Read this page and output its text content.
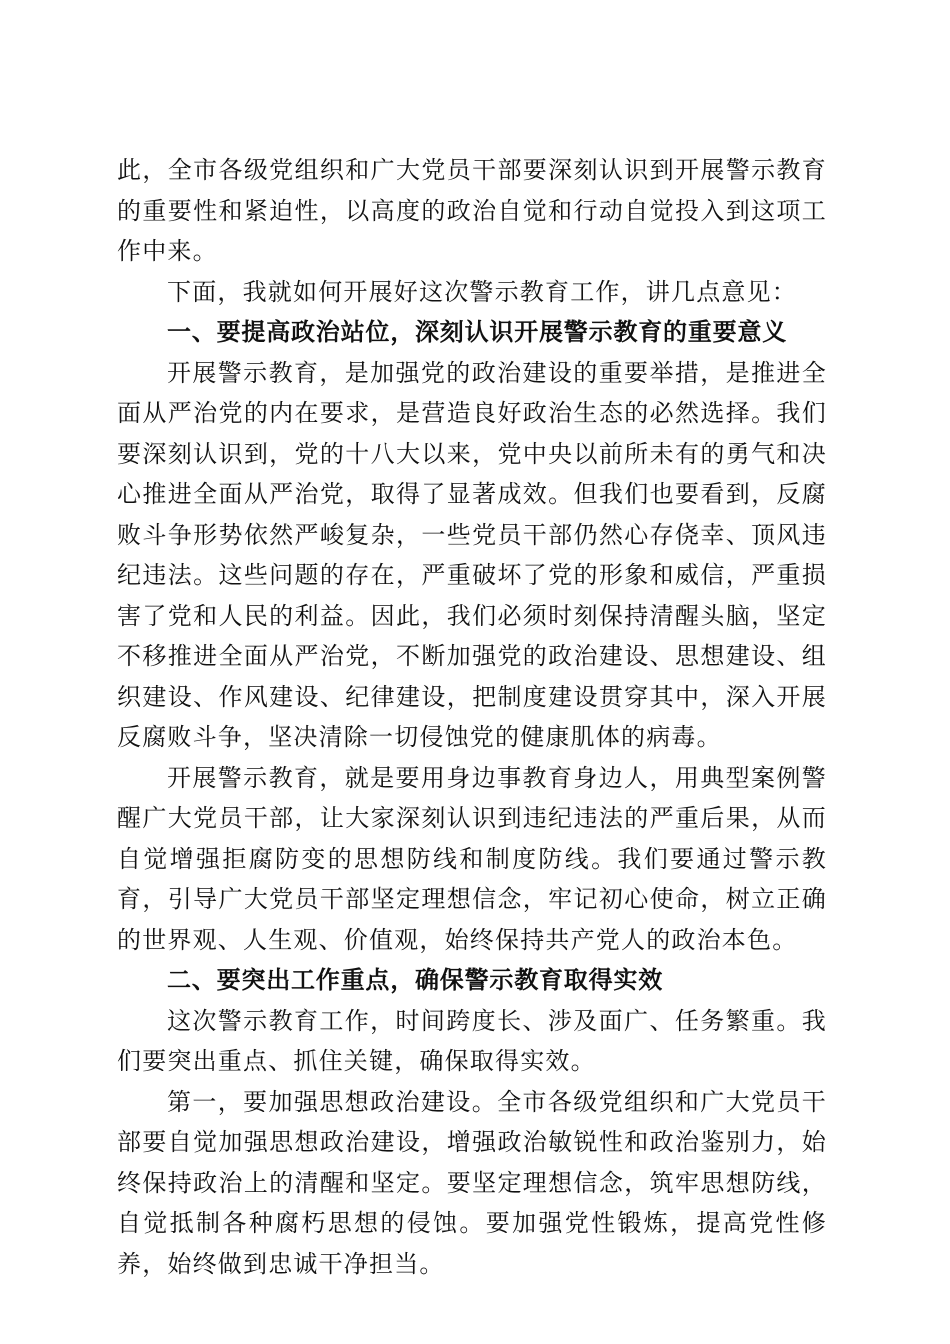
此，全市各级党组织和广大党员干部要深刻认识到开展警示教育的重要性和紧迫性，以高度的政治自觉和行动自觉投入到这项工作中来。

下面，我就如何开展好这次警示教育工作，讲几点意见：

一、要提高政治站位，深刻认识开展警示教育的重要意义

开展警示教育，是加强党的政治建设的重要举措，是推进全面从严治党的内在要求，是营造良好政治生态的必然选择。我们要深刻认识到，党的十八大以来，党中央以前所未有的勇气和决心推进全面从严治党，取得了显著成效。但我们也要看到，反腐败斗争形势依然严峻复杂，一些党员干部仍然心存侥幸、顶风违纪违法。这些问题的存在，严重破坏了党的形象和威信，严重损害了党和人民的利益。因此，我们必须时刻保持清醒头脑，坚定不移推进全面从严治党，不断加强党的政治建设、思想建设、组织建设、作风建设、纪律建设，把制度建设贯穿其中，深入开展反腐败斗争，坚决清除一切侵蚀党的健康肌体的病毒。

开展警示教育，就是要用身边事教育身边人，用典型案例警醒广大党员干部，让大家深刻认识到违纪违法的严重后果，从而自觉增强拒腐防变的思想防线和制度防线。我们要通过警示教育，引导广大党员干部坚定理想信念，牢记初心使命，树立正确的世界观、人生观、价值观，始终保持共产党人的政治本色。

二、要突出工作重点，确保警示教育取得实效

这次警示教育工作，时间跨度长、涉及面广、任务繁重。我们要突出重点、抓住关键，确保取得实效。

第一，要加强思想政治建设。全市各级党组织和广大党员干部要自觉加强思想政治建设，增强政治敏锐性和政治鉴别力，始终保持政治上的清醒和坚定。要坚定理想信念，筑牢思想防线，自觉抵制各种腐朽思想的侵蚀。要加强党性锻炼，提高党性修养，始终做到忠诚干净担当。
